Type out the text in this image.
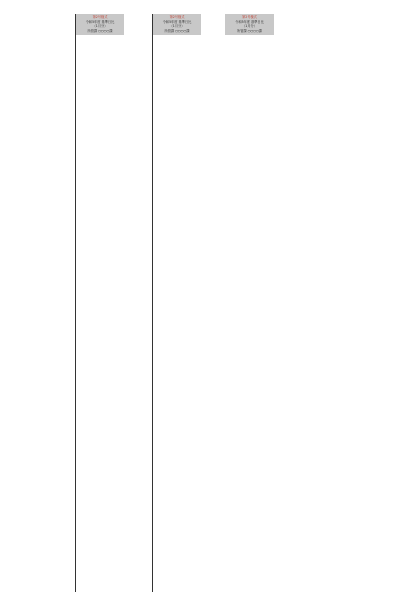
第2号様式
令和5年度 基準日比
（1月分）
所管課 ○○○○課
第2号様式
令和5年度 基準日比
（1月分）
所管課 ○○○○課
第2号様式
令和5年度 基準日比
（1月分）
所管課 ○○○○課
